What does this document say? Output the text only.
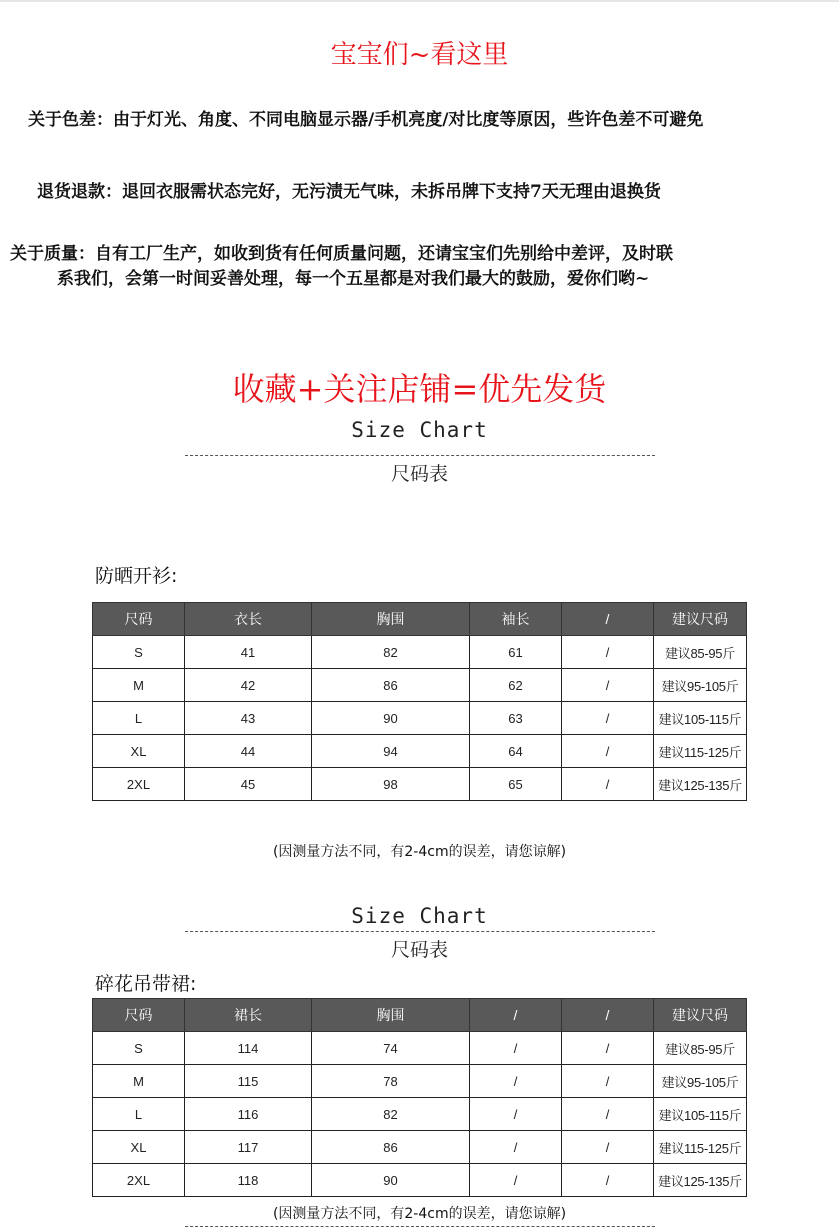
宝宝们~看这里
关于色差：由于灯光、角度、不同电脑显示器/手机亮度/对比度等原因，些许色差不可避免
退货退款：退回衣服需状态完好，无污渍无气味，未拆吊牌下支持7天无理由退换货
关于质量：自有工厂生产，如收到货有任何质量问题，还请宝宝们先别给中差评，及时联
系我们，会第一时间妥善处理，每一个五星都是对我们最大的鼓励，爱你们哟~
收藏+关注店铺=优先发货
Size Chart
尺码表
防晒开衫:
尺码	衣长	胸围	袖长	/	建议尺码
S	41	82	61	/	建议85-95斤
M	42	86	62	/	建议95-105斤
L	43	90	63	/	建议105-115斤
XL	44	94	64	/	建议115-125斤
2XL	45	98	65	/	建议125-135斤
(因测量方法不同，有2-4cm的误差，请您谅解)
Size Chart
尺码表
碎花吊带裙:
尺码	裙长	胸围	/	/	建议尺码
S	114	74	/	/	建议85-95斤
M	115	78	/	/	建议95-105斤
L	116	82	/	/	建议105-115斤
XL	117	86	/	/	建议115-125斤
2XL	118	90	/	/	建议125-135斤
(因测量方法不同，有2-4cm的误差，请您谅解)
